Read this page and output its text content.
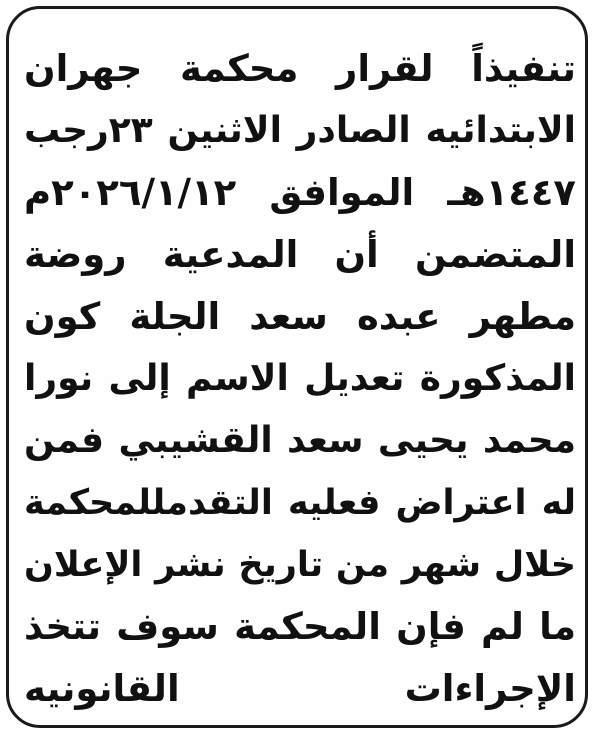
تنفيذاً لقرار محكمة جهران
الابتدائيه الصادر الاثنين ٢٣رجب
١٤٤٧هـ الموافق ٢٠٢٦/١/١٢م
المتضمن أن المدعية روضة
مطهر عبده سعد الجلة كون
المذكورة تعديل الاسم إلى نورا
محمد يحيى سعد القشيبي فمن
له اعتراض فعليه التقدمللمحكمة
خلال شهر من تاريخ نشر الإعلان
ما لم فإن المحكمة سوف تتخذ
الإجراءات القانونيه
